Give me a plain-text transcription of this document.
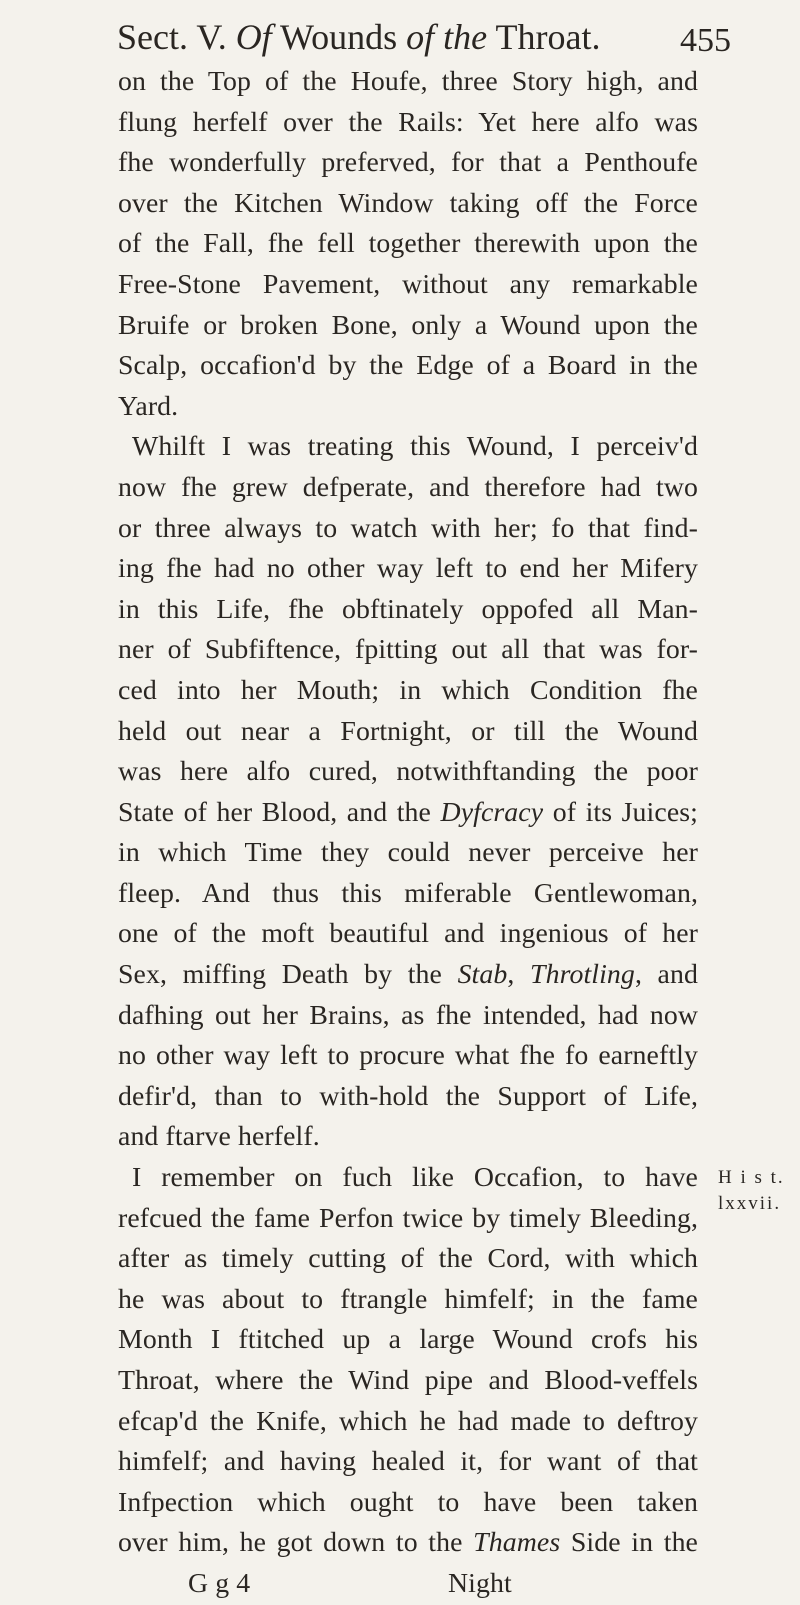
Sect. V. Of Wounds of the Throat. 455
on the Top of the Houfe, three Story high, and
flung herfelf over the Rails: Yet here alfo was
fhe wonderfully preferved, for that a Penthoufe
over the Kitchen Window taking off the Force
of the Fall, fhe fell together therewith upon the
Free-Stone Pavement, without any remarkable
Bruife or broken Bone, only a Wound upon the
Scalp, occafion'd by the Edge of a Board in the
Yard.
Whilft I was treating this Wound, I perceiv'd
now fhe grew defperate, and therefore had two
or three always to watch with her; fo that find-
ing fhe had no other way left to end her Mifery
in this Life, fhe obftinately oppofed all Man-
ner of Subfiftence, fpitting out all that was for-
ced into her Mouth; in which Condition fhe
held out near a Fortnight, or till the Wound
was here alfo cured, notwithftanding the poor
State of her Blood, and the Dyfcracy of its Juices;
in which Time they could never perceive her
fleep. And thus this miferable Gentlewoman,
one of the moft beautiful and ingenious of her
Sex, miffing Death by the Stab, Throtling, and
dafhing out her Brains, as fhe intended, had now
no other way left to procure what fhe fo earneftly
defir'd, than to with-hold the Support of Life,
and ftarve herfelf.
I remember on fuch like Occafion, to have
refcued the fame Perfon twice by timely Bleeding,
after as timely cutting of the Cord, with which
he was about to ftrangle himfelf; in the fame
Month I ftitched up a large Wound crofs his
Throat, where the Wind pipe and Blood-veffels
efcap'd the Knife, which he had made to deftroy
himfelf; and having healed it, for want of that
Infpection which ought to have been taken
over him, he got down to the Thames Side in the
G g 4	Night
H i s t.
lxxvii.
